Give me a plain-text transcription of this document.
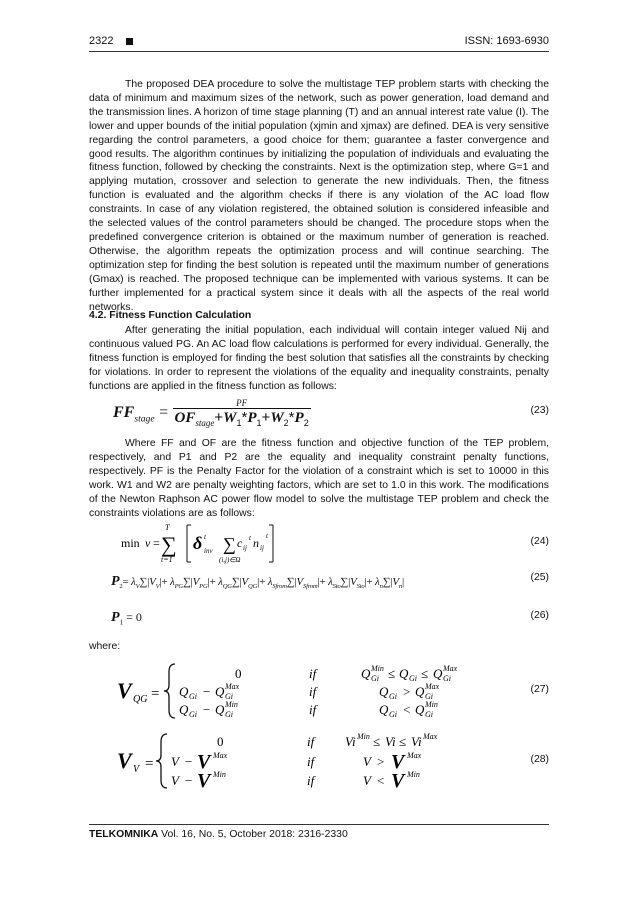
2322	ISSN: 1693-6930

The proposed DEA procedure to solve the multistage TEP problem starts with checking the data of minimum and maximum sizes of the network, such as power generation, load demand and the transmission lines. A horizon of time stage planning (T) and an annual interest rate value (I). The lower and upper bounds of the initial population (xjmin and xjmax) are defined. DEA is very sensitive regarding the control parameters, a good choice for them; guarantee a faster convergence and good results. The algorithm continues by initializing the population of individuals and evaluating the fitness function, followed by checking the constraints. Next is the optimization step, where G=1 and applying mutation, crossover and selection to generate the new individuals. Then, the fitness function is evaluated and the algorithm checks if there is any violation of the AC load flow constraints. In case of any violation registered, the obtained solution is considered infeasible and the selected values of the control parameters should be changed. The procedure stops when the predefined convergence criterion is obtained or the maximum number of generation is reached. Otherwise, the algorithm repeats the optimization process and will continue searching. The optimization step for finding the best solution is repeated until the maximum number of generations (Gmax) is reached. The proposed technique can be implemented with various systems. It can be further implemented for a practical system since it deals with all the aspects of the real world networks.

4.2. Fitness Function Calculation

After generating the initial population, each individual will contain integer valued Nij and continuous valued PG. An AC load flow calculations is performed for every individual. Generally, the fitness function is employed for finding the best solution that satisfies all the constraints by checking for violations. In order to represent the violations of the equality and inequality constraints, penalty functions are applied in the fitness function as follows:

$FF_{stage} = \frac{PF}{OF_{stage}+W_1*P_1+W_2*P_2}$	(23)

Where FF and OF are the fitness function and objective function of the TEP problem, respectively, and P1 and P2 are the equality and inequality constraint penalty functions, respectively. PF is the Penalty Factor for the violation of a constraint which is set to 10000 in this work. W1 and W2 are penalty weighting factors, which are set to 1.0 in this work. The modifications of the Newton Raphson AC power flow model to solve the multistage TEP problem and check the constraints violations are as follows:

min v =
T
∑
t=1
δ t
inv ∑
(i,j)∈Ω
c ij
t n ij
t	(24)
$P_2= \lambda_V\sum|V_V|+ \lambda_{PG}\sum|V_{PG}|+ \lambda_{QG}\sum|V_{QG}|+ \lambda_{Sfrom}\sum|V_{Sfrom}|+ \lambda_{Sto}\sum|V_{Sto}|+ \lambda_n\sum|V_n|$	(25)
$P_1 = 0$	(26)

where:

V QG =
0	if	Q Min
Gi ≤ Q Gi ≤ Q Max
Gi
Q Gi − Q Max
Gi	if	Q Gi > Q Max
Gi
Q Gi − Q Min
Gi	if	Q Gi < Q Min
Gi
(27)
V V =
0	if Vi Min ≤ Vi ≤ Vi Max
V − V Max	if	V > V Max
V − V Min	if	V < V Min
(28)
TELKOMNIKA Vol. 16, No. 5, October 2018: 2316-2330
